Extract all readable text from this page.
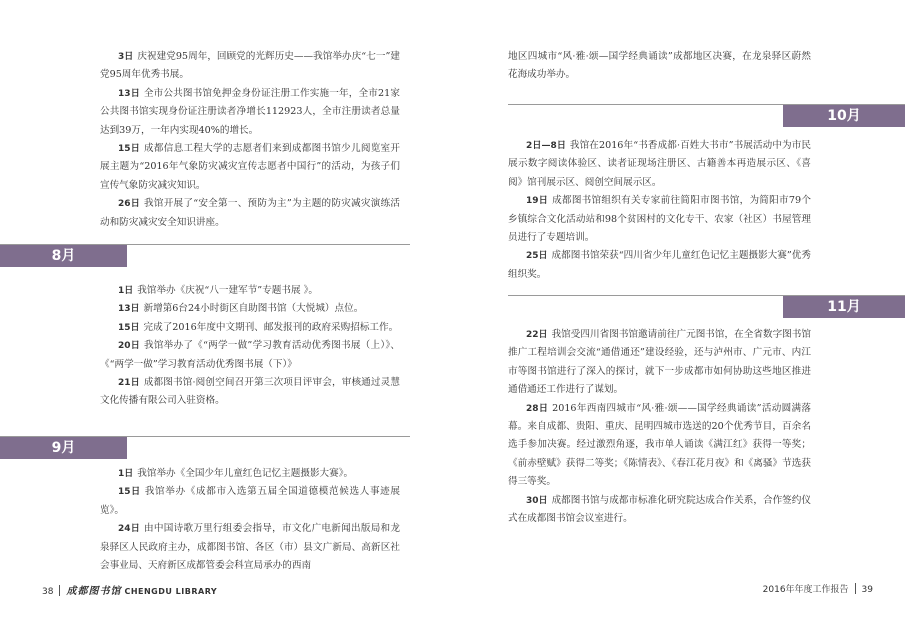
3日 庆祝建党95周年，回顾党的光辉历史——我馆举办庆“七一”建党95周年优秀书展。

13日 全市公共图书馆免押金身份证注册工作实施一年，全市21家公共图书馆实现身份证注册读者净增长112923人，全市注册读者总量达到39万，一年内实现40%的增长。

15日 成都信息工程大学的志愿者们来到成都图书馆少儿阅览室开展主题为“2016年气象防灾减灾宣传志愿者中国行”的活动，为孩子们宣传气象防灾减灾知识。

26日 我馆开展了“安全第一、预防为主”为主题的防灾减灾演练活动和防灾减灾安全知识讲座。

8月

1日 我馆举办《庆祝“八一建军节”专题书展 》。

13日 新增第6台24小时街区自助图书馆（大悦城）点位。

15日 完成了2016年度中文期刊、邮发报刊的政府采购招标工作。

20日 我馆举办了《“两学一做”学习教育活动优秀图书展（上）》、《“两学一做”学习教育活动优秀图书展（下）》

21日 成都图书馆·阅创空间召开第三次项目评审会，审核通过灵慧文化传播有限公司入驻资格。

9月

1日 我馆举办《全国少年儿童红色记忆主题摄影大赛》。

15日 我馆举办《成都市入选第五届全国道德模范候选人事迹展览》。

24日 由中国诗歌万里行组委会指导，市文化广电新闻出版局和龙泉驿区人民政府主办，成都图书馆、各区（市）县文广新局、高新区社会事业局、天府新区成都管委会科宣局承办的西南

38 成都图书馆 CHENGDU LIBRARY

地区四城市“风·雅·颂—国学经典诵读”成都地区决赛，在龙泉驿区蔚然花海成功举办。

10月

2日—8日 我馆在2016年“书香成都·百姓大书市”书展活动中为市民展示数字阅读体验区、读者证现场注册区、古籍善本再造展示区、《喜阅》馆刊展示区、阅创空间展示区。

19日 成都图书馆组织有关专家前往简阳市图书馆，为简阳市79个乡镇综合文化活动站和98个贫困村的文化专干、农家（社区）书屋管理员进行了专题培训。

25日 成都图书馆荣获“四川省少年儿童红色记忆主题摄影大赛”优秀组织奖。

11月

22日 我馆受四川省图书馆邀请前往广元图书馆，在全省数字图书馆推广工程培训会交流“通借通还”建设经验，还与泸州市、广元市、内江市等图书馆进行了深入的探讨，就下一步成都市如何协助这些地区推进通借通还工作进行了谋划。

28日 2016年西南四城市“风·雅·颂——国学经典诵读”活动圆满落幕。来自成都、贵阳、重庆、昆明四城市选送的20个优秀节目，百余名选手参加决赛。经过激烈角逐，我市单人诵读《满江红》获得一等奖；《前赤壁赋》获得二等奖；《陈情表》、《春江花月夜》和《离骚》节选获得三等奖。

30日 成都图书馆与成都市标准化研究院达成合作关系，合作签约仪式在成都图书馆会议室进行。

2016年年度工作报告 39
